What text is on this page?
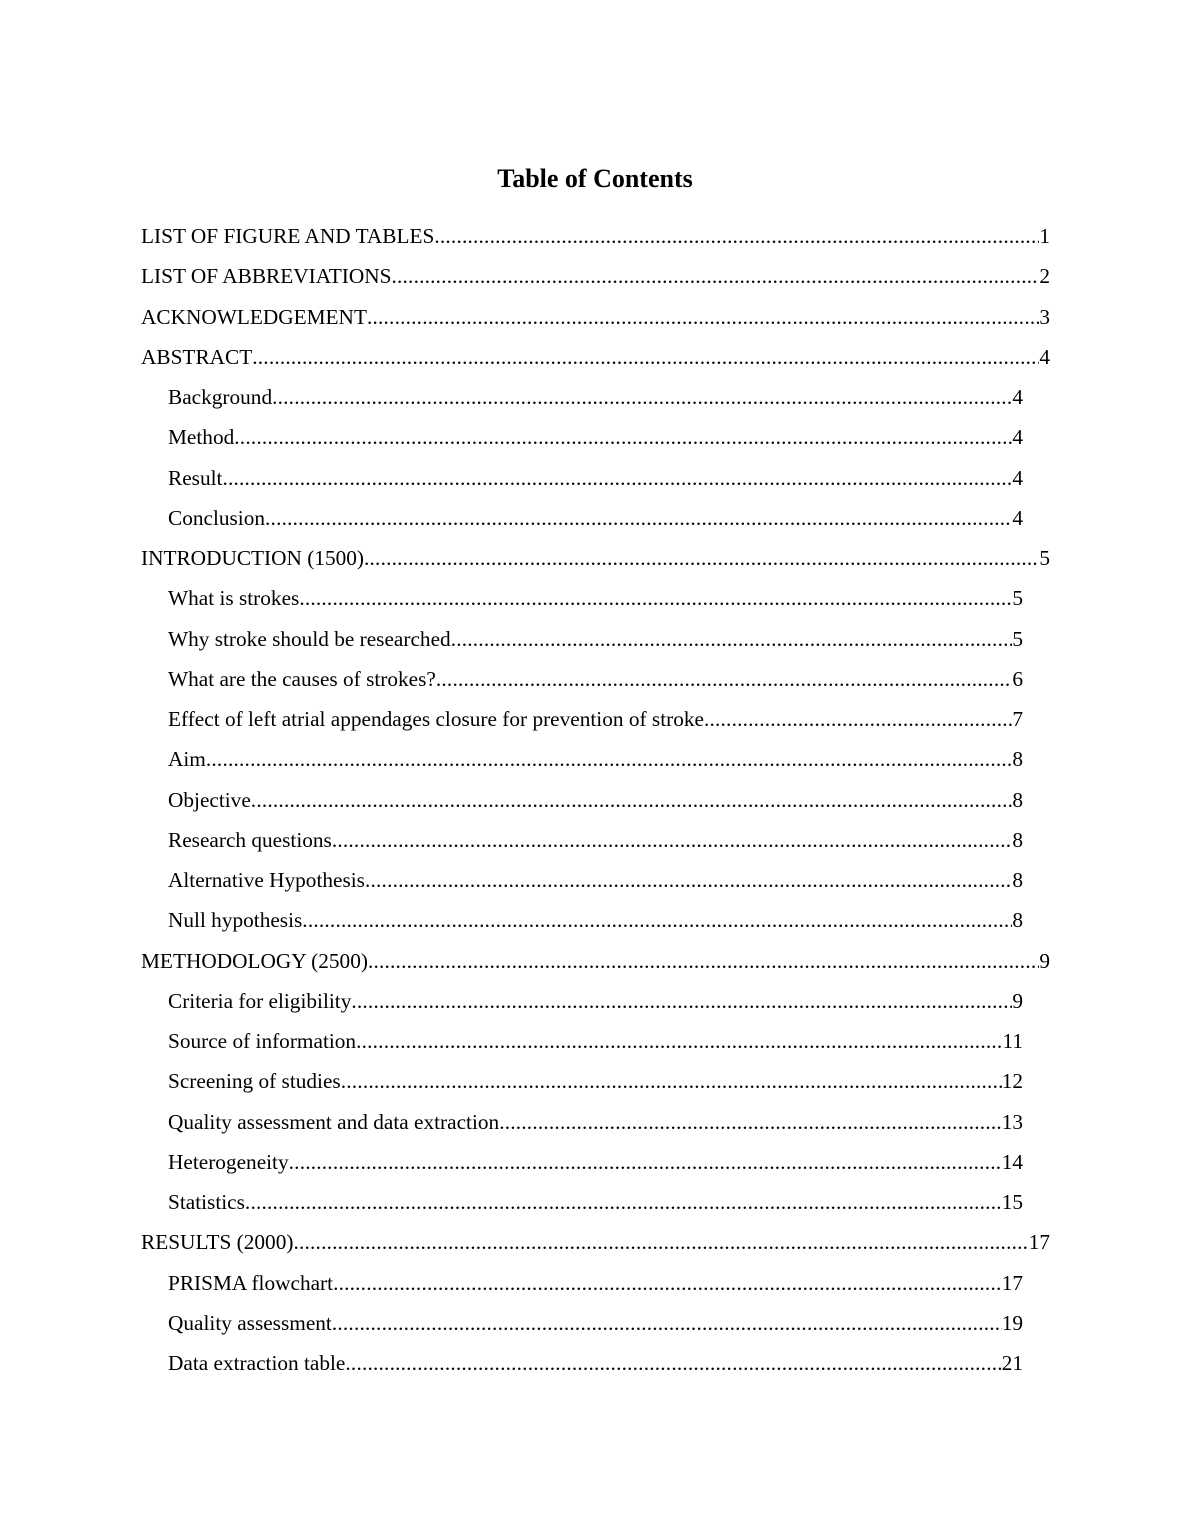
Table of Contents
LIST OF FIGURE AND TABLES .....	1
LIST OF ABBREVIATIONS .....	2
ACKNOWLEDGEMENT .....	3
ABSTRACT .....	4
Background .....	4
Method .....	4
Result .....	4
Conclusion .....	4
INTRODUCTION (1500) .....	5
What is strokes .....	5
Why stroke should be researched .....	5
What are the causes of strokes? .....	6
Effect of left atrial appendages closure for prevention of stroke .....	7
Aim .....	8
Objective .....	8
Research questions .....	8
Alternative Hypothesis .....	8
Null hypothesis .....	8
METHODOLOGY (2500) .....	9
Criteria for eligibility .....	9
Source of information .....	11
Screening of studies .....	12
Quality assessment and data extraction .....	13
Heterogeneity .....	14
Statistics .....	15
RESULTS (2000) .....	17
PRISMA flowchart .....	17
Quality assessment .....	19
Data extraction table .....	21
